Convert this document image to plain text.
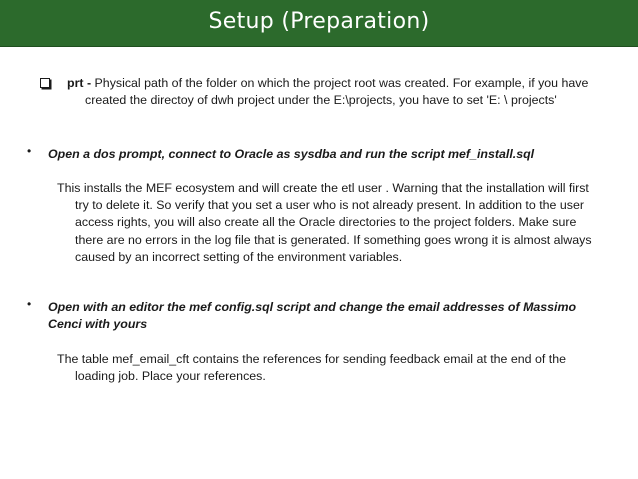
Setup (Preparation)
prt - Physical path of the folder on which the project root was created. For example, if you have created the directoy of dwh project under the E:\projects, you have to set 'E: \ projects'
• Open a dos prompt, connect to Oracle as sysdba and run the script mef_install.sql
This installs the MEF ecosystem and will create the etl user . Warning that the installation will first try to delete it. So verify that you set a user who is not already present. In addition to the user access rights, you will also create all the Oracle directories to the project folders. Make sure there are no errors in the log file that is generated. If something goes wrong it is almost always caused by an incorrect setting of the environment variables.
• Open with an editor the mef config.sql script and change the email addresses of Massimo Cenci with yours
The table mef_email_cft contains the references for sending feedback email at the end of the loading job. Place your references.
